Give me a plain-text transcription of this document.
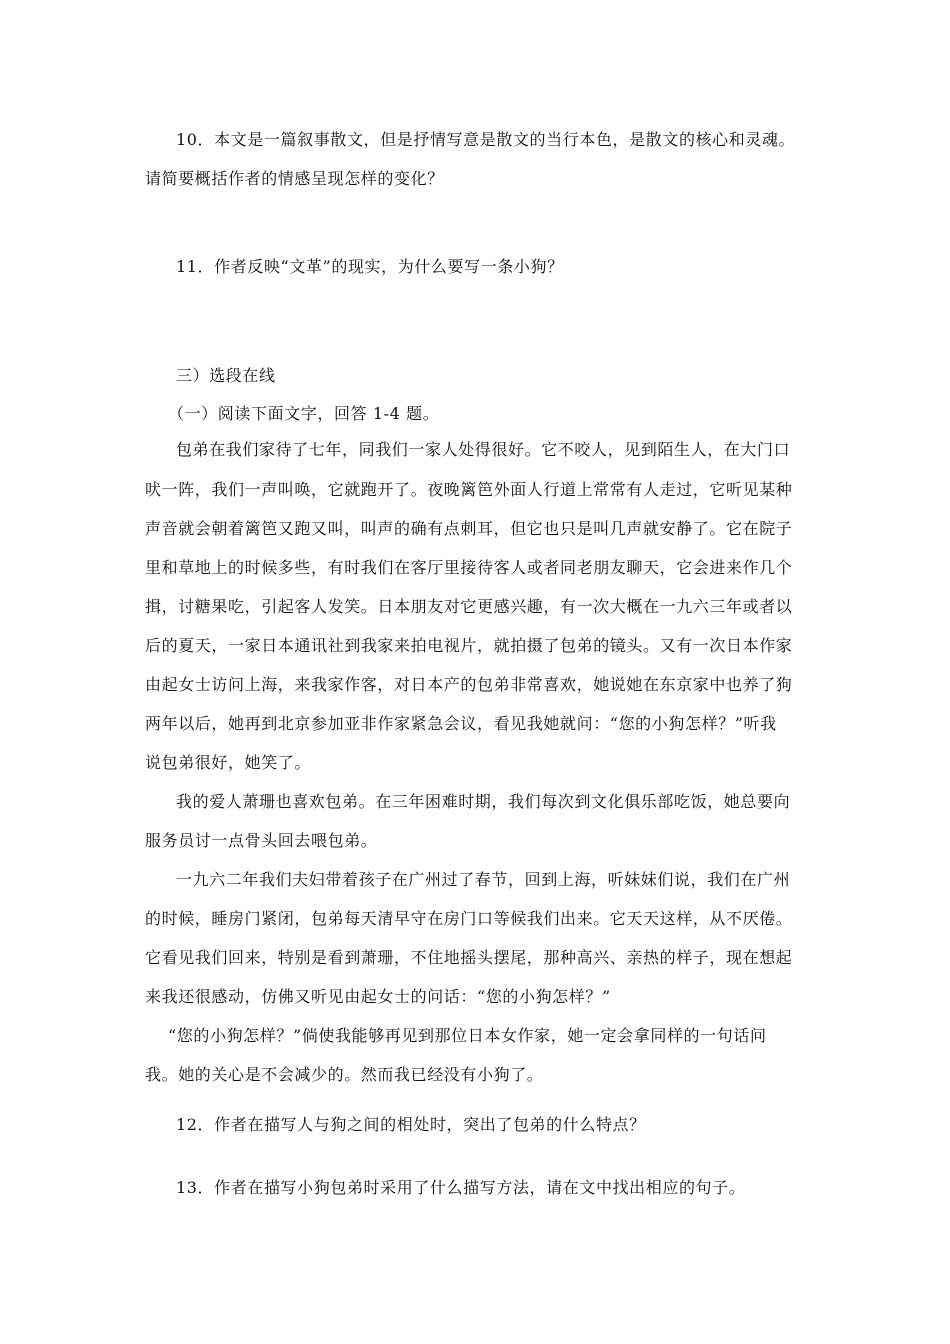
10．本文是一篇叙事散文，但是抒情写意是散文的当行本色，是散文的核心和灵魂。
请简要概括作者的情感呈现怎样的变化？
11．作者反映“文革”的现实，为什么要写一条小狗？
三）选段在线
（一）阅读下面文字，回答 1-4 题。
包弟在我们家待了七年，同我们一家人处得很好。它不咬人，见到陌生人，在大门口
吠一阵，我们一声叫唤，它就跑开了。夜晚篱笆外面人行道上常常有人走过，它听见某种
声音就会朝着篱笆又跑又叫，叫声的确有点刺耳，但它也只是叫几声就安静了。它在院子
里和草地上的时候多些，有时我们在客厅里接待客人或者同老朋友聊天，它会进来作几个
揖，讨糖果吃，引起客人发笑。日本朋友对它更感兴趣，有一次大概在一九六三年或者以
后的夏天，一家日本通讯社到我家来拍电视片，就拍摄了包弟的镜头。又有一次日本作家
由起女士访问上海，来我家作客，对日本产的包弟非常喜欢，她说她在东京家中也养了狗
两年以后，她再到北京参加亚非作家紧急会议，看见我她就问：“您的小狗怎样？”听我
说包弟很好，她笑了。
我的爱人萧珊也喜欢包弟。在三年困难时期，我们每次到文化俱乐部吃饭，她总要向
服务员讨一点骨头回去喂包弟。
一九六二年我们夫妇带着孩子在广州过了春节，回到上海，听妹妹们说，我们在广州
的时候，睡房门紧闭，包弟每天清早守在房门口等候我们出来。它天天这样，从不厌倦。
它看见我们回来，特别是看到萧珊，不住地摇头摆尾，那种高兴、亲热的样子，现在想起
来我还很感动，仿佛又听见由起女士的问话：“您的小狗怎样？”
“您的小狗怎样？”倘使我能够再见到那位日本女作家，她一定会拿同样的一句话问
我。她的关心是不会减少的。然而我已经没有小狗了。
12．作者在描写人与狗之间的相处时，突出了包弟的什么特点？
13．作者在描写小狗包弟时采用了什么描写方法，请在文中找出相应的句子。
